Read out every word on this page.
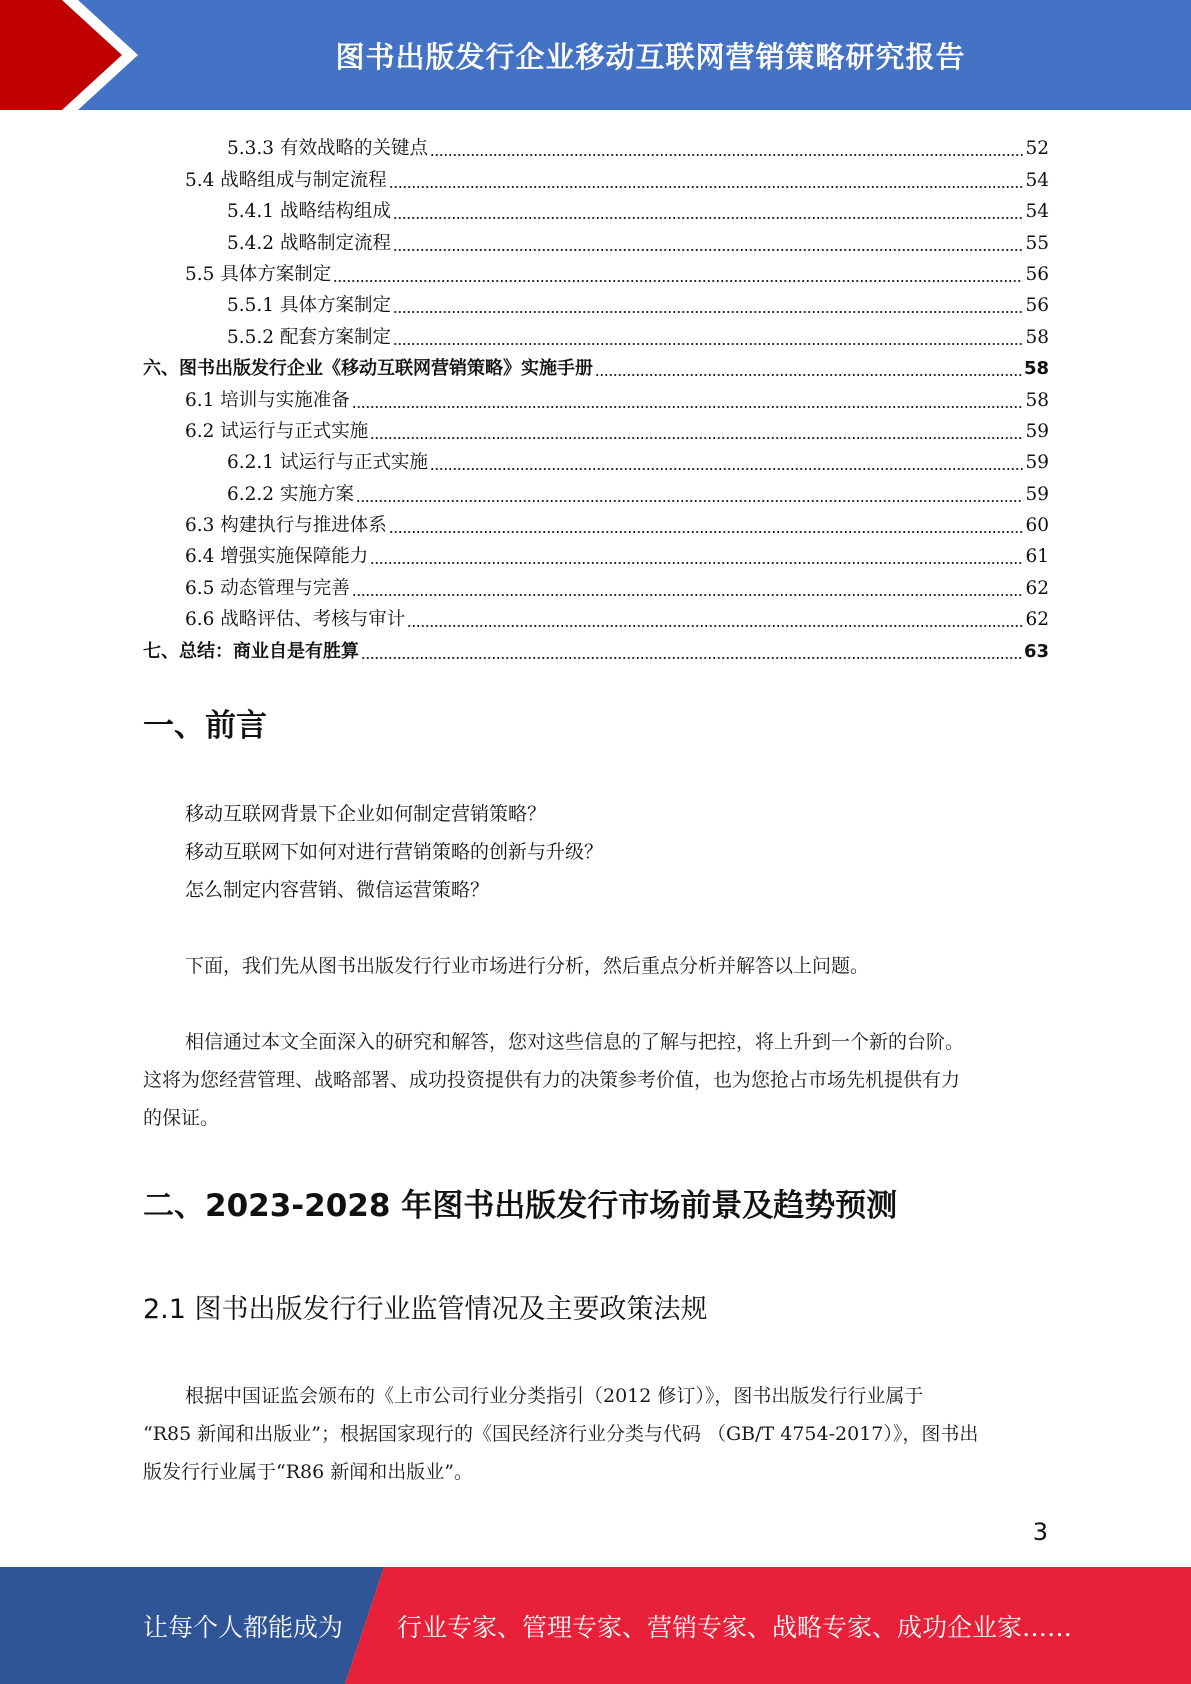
图书出版发行企业移动互联网营销策略研究报告
5.3.3 有效战略的关键点	52
5.4 战略组成与制定流程	54
5.4.1 战略结构组成	54
5.4.2 战略制定流程	55
5.5 具体方案制定	56
5.5.1 具体方案制定	56
5.5.2 配套方案制定	58
六、图书出版发行企业《移动互联网营销策略》实施手册	58
6.1 培训与实施准备	58
6.2 试运行与正式实施	59
6.2.1 试运行与正式实施	59
6.2.2 实施方案	59
6.3 构建执行与推进体系	60
6.4 增强实施保障能力	61
6.5 动态管理与完善	62
6.6 战略评估、考核与审计	62
七、总结：商业自是有胜算	63
一、前言
移动互联网背景下企业如何制定营销策略？
移动互联网下如何对进行营销策略的创新与升级？
怎么制定内容营销、微信运营策略？
下面，我们先从图书出版发行行业市场进行分析，然后重点分析并解答以上问题。
相信通过本文全面深入的研究和解答，您对这些信息的了解与把控，将上升到一个新的台阶。
这将为您经营管理、战略部署、成功投资提供有力的决策参考价值，也为您抢占市场先机提供有力
的保证。
二、2023-2028 年图书出版发行市场前景及趋势预测
2.1 图书出版发行行业监管情况及主要政策法规
根据中国证监会颁布的《上市公司行业分类指引（2012 修订）》，图书出版发行行业属于
“R85 新闻和出版业”；根据国家现行的《国民经济行业分类与代码 （GB/T 4754-2017）》，图书出
版发行行业属于“R86 新闻和出版业”。
3
让每个人都能成为 行业专家、管理专家、营销专家、战略专家、成功企业家……
